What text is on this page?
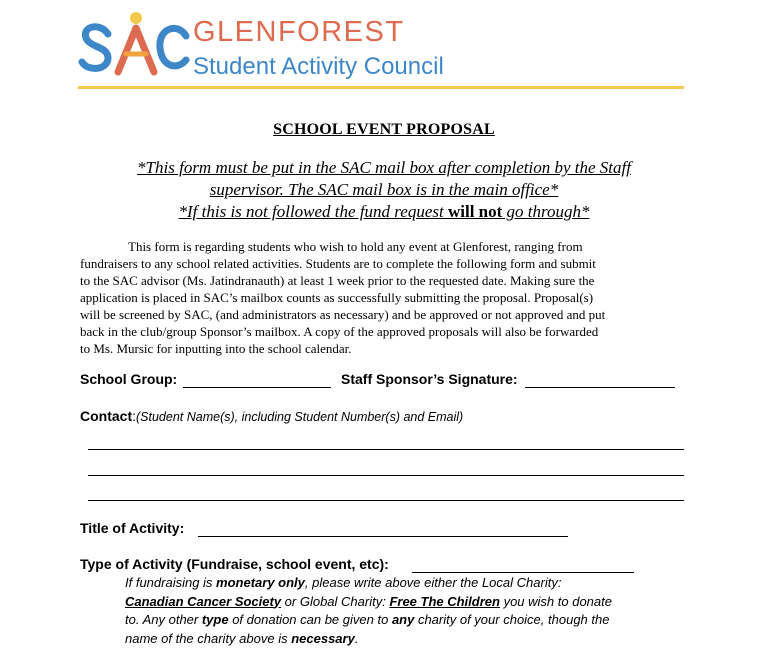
GLENFOREST
Student Activity Council
SCHOOL EVENT PROPOSAL
*This form must be put in the SAC mail box after completion by the Staff
supervisor. The SAC mail box is in the main office*
*If this is not followed the fund request will not go through*
This form is regarding students who wish to hold any event at Glenforest, ranging from
fundraisers to any school related activities. Students are to complete the following form and submit
to the SAC advisor (Ms. Jatindranauth) at least 1 week prior to the requested date. Making sure the
application is placed in SAC’s mailbox counts as successfully submitting the proposal. Proposal(s)
will be screened by SAC, (and administrators as necessary) and be approved or not approved and put
back in the club/group Sponsor’s mailbox. A copy of the approved proposals will also be forwarded
to Ms. Mursic for inputting into the school calendar.
School Group:	Staff Sponsor’s Signature:
Contact: (Student Name(s), including Student Number(s) and Email)
Title of Activity:
Type of Activity (Fundraise, school event, etc):
If fundraising is monetary only, please write above either the Local Charity:
Canadian Cancer Society or Global Charity: Free The Children you wish to donate
to. Any other type of donation can be given to any charity of your choice, though the
name of the charity above is necessary.
